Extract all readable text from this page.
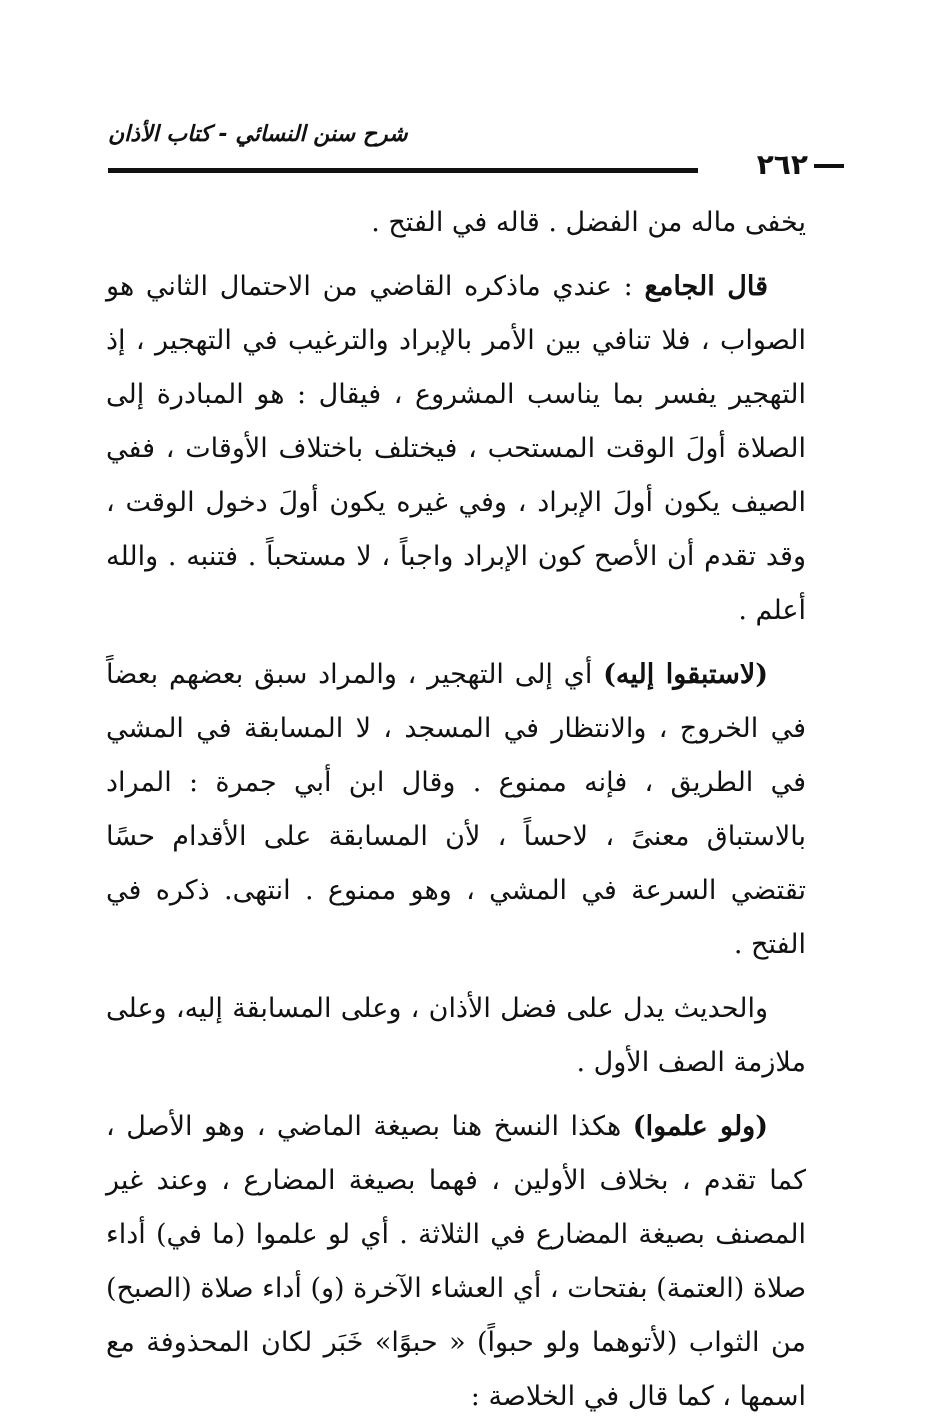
٢٦٢
شرح سنن النسائي - كتاب الأذان

يخفى ماله من الفضل . قاله في الفتح .

قال الجامع : عندي ماذكره القاضي من الاحتمال الثاني هو الصواب ، فلا تنافي بين الأمر بالإبراد والترغيب في التهجير ، إذ التهجير يفسر بما يناسب المشروع ، فيقال : هو المبادرة إلى الصلاة أولَ الوقت المستحب ، فيختلف باختلاف الأوقات ، ففي الصيف يكون أولَ الإبراد ، وفي غيره يكون أولَ دخول الوقت ، وقد تقدم أن الأصح كون الإبراد واجباً ، لا مستحباً . فتنبه . والله أعلم .

(لاستبقوا إليه) أي إلى التهجير ، والمراد سبق بعضهم بعضاً في الخروج ، والانتظار في المسجد ، لا المسابقة في المشي في الطريق ، فإنه ممنوع . وقال ابن أبي جمرة : المراد بالاستباق معنىً ، لاحساً ، لأن المسابقة على الأقدام حسًا تقتضي السرعة في المشي ، وهو ممنوع . انتهى. ذكره في الفتح .

والحديث يدل على فضل الأذان ، وعلى المسابقة إليه، وعلى ملازمة الصف الأول .

(ولو علموا) هكذا النسخ هنا بصيغة الماضي ، وهو الأصل ، كما تقدم ، بخلاف الأولين ، فهما بصيغة المضارع ، وعند غير المصنف بصيغة المضارع في الثلاثة . أي لو علموا (ما في) أداء صلاة (العتمة) بفتحات ، أي العشاء الآخرة (و) أداء صلاة (الصبح) من الثواب (لأتوهما ولو حبواً) « حبوًا» خَبَر لكان المحذوفة مع اسمها ، كما قال في الخلاصة :
